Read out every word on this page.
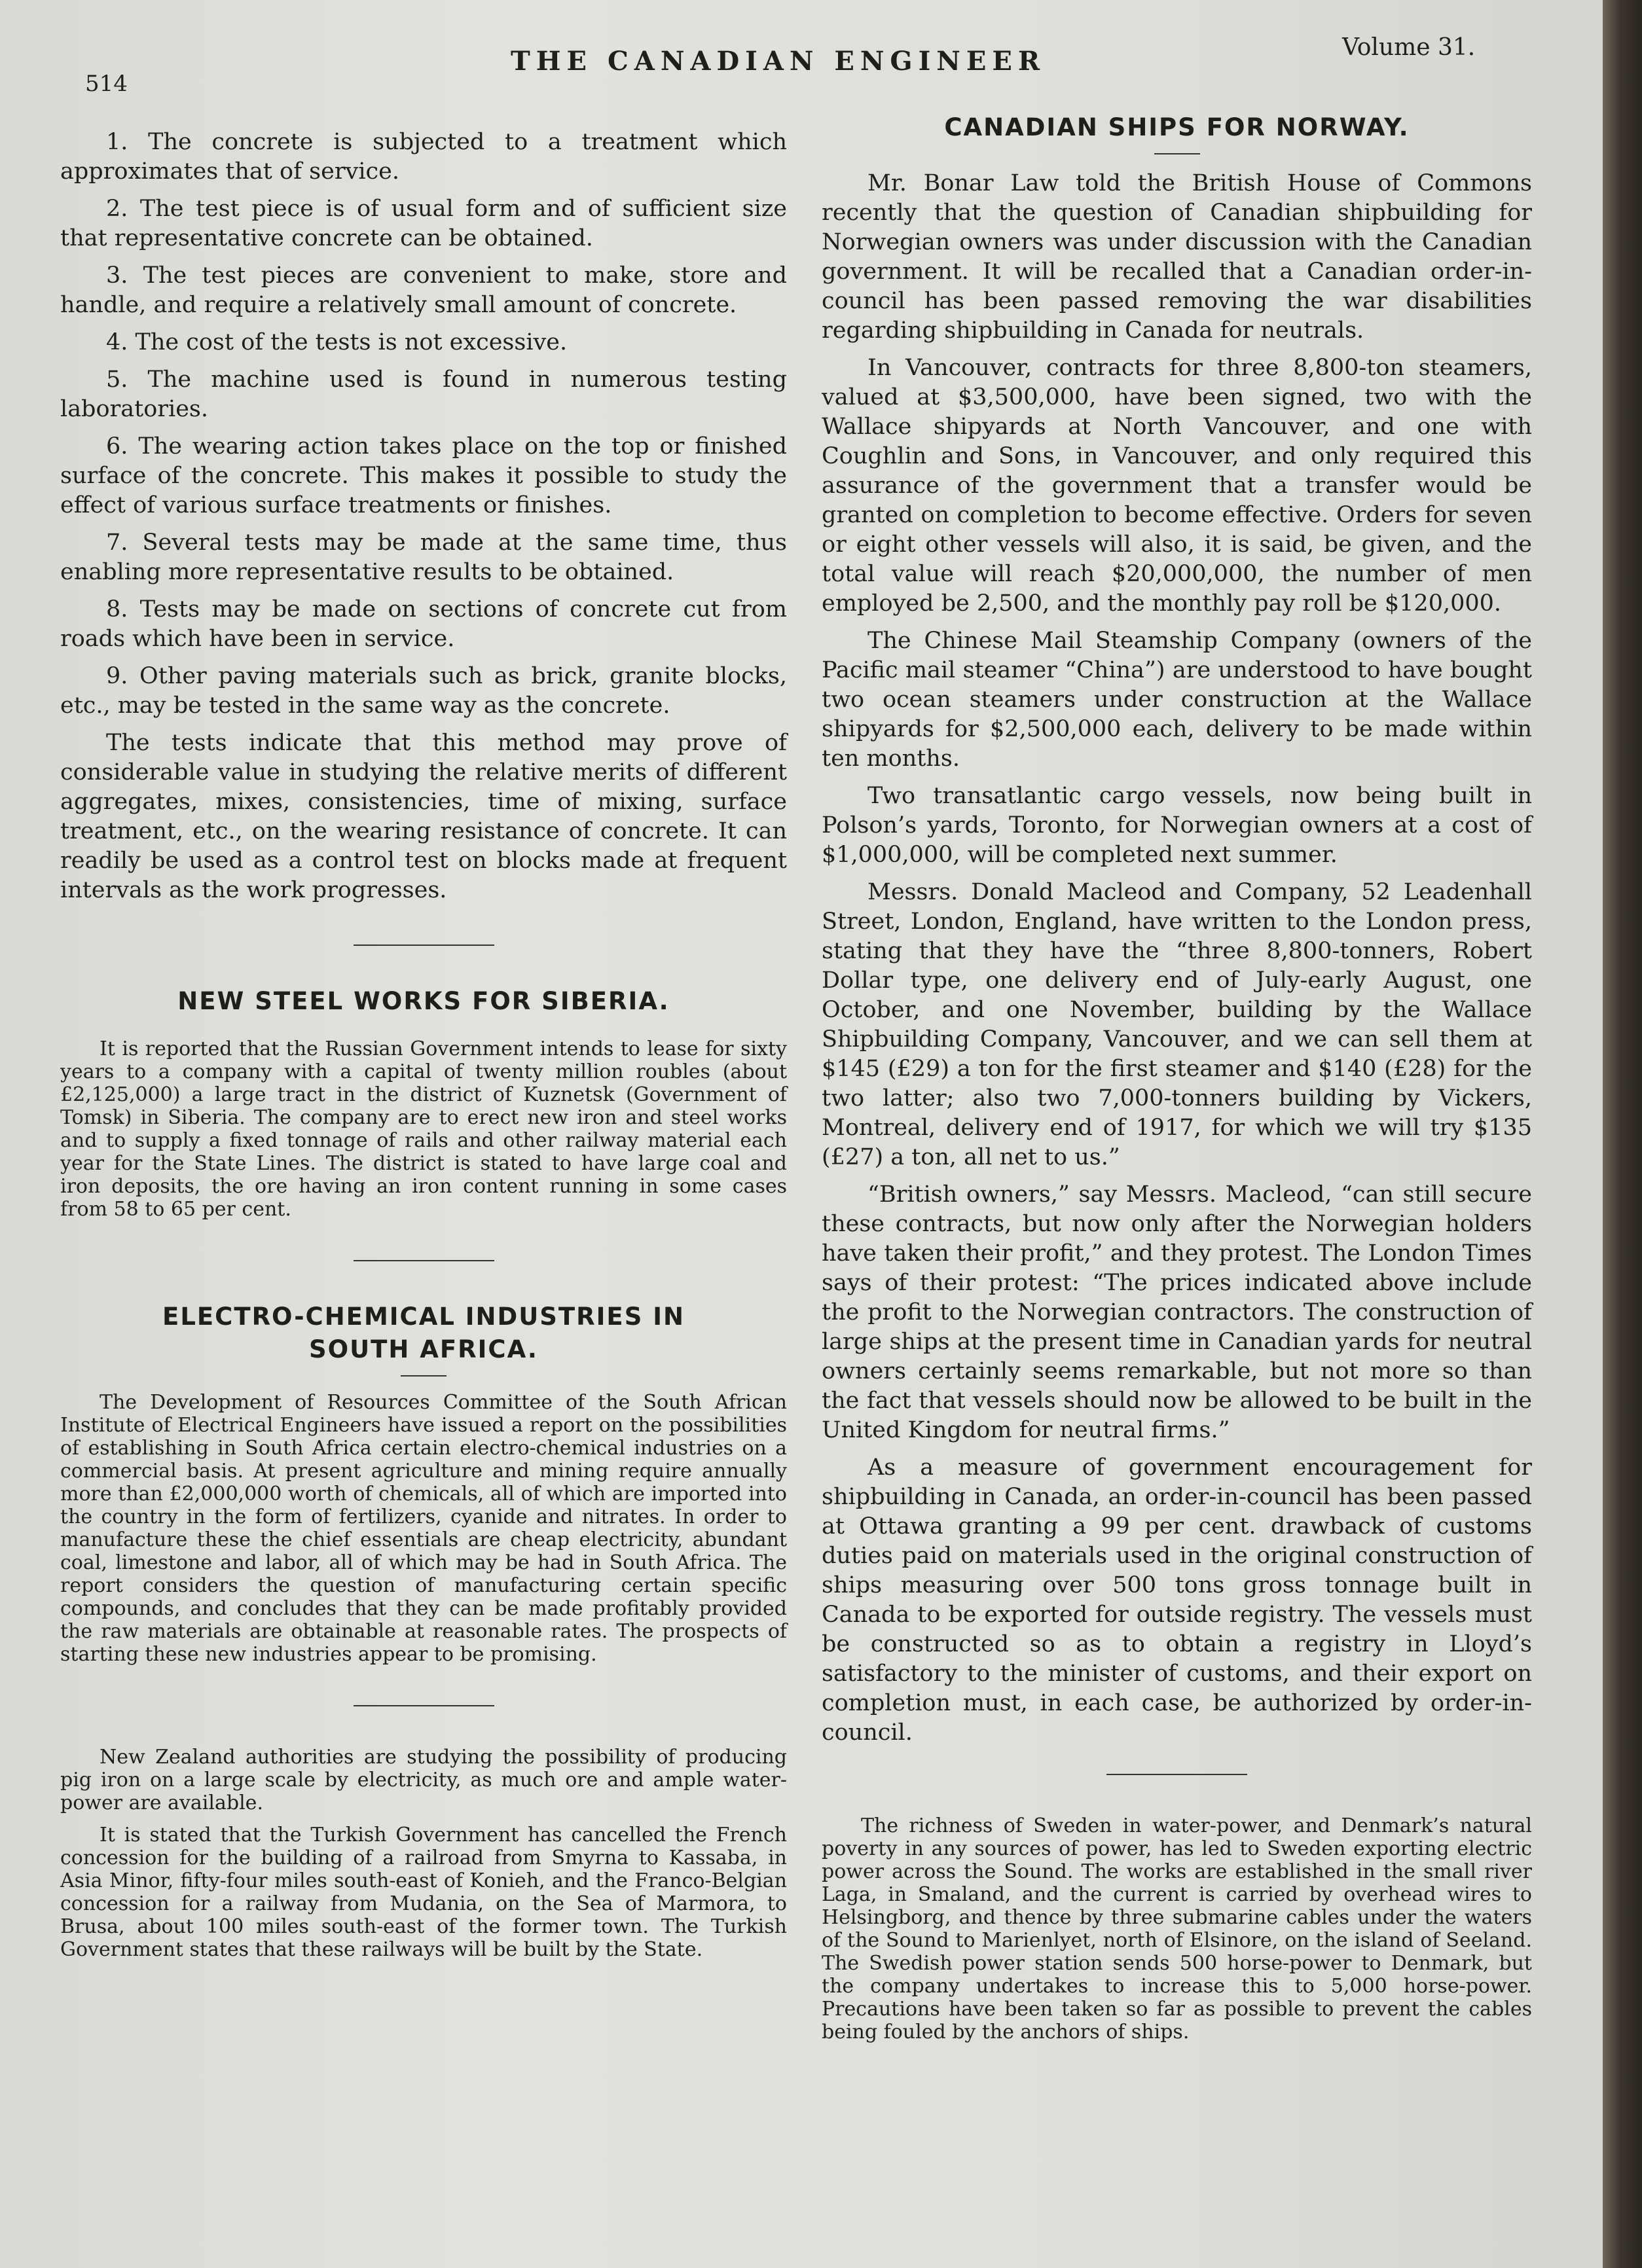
514
THE CANADIAN ENGINEER	Volume 31.

1. The concrete is subjected to a treatment which approximates that of service.

2. The test piece is of usual form and of sufficient size that representative concrete can be obtained.

3. The test pieces are convenient to make, store and handle, and require a relatively small amount of concrete.

4. The cost of the tests is not excessive.

5. The machine used is found in numerous testing laboratories.

6. The wearing action takes place on the top or finished surface of the concrete. This makes it possible to study the effect of various surface treatments or finishes.

7. Several tests may be made at the same time, thus enabling more representative results to be obtained.

8. Tests may be made on sections of concrete cut from roads which have been in service.

9. Other paving materials such as brick, granite blocks, etc., may be tested in the same way as the concrete.

The tests indicate that this method may prove of considerable value in studying the relative merits of different aggregates, mixes, consistencies, time of mixing, surface treatment, etc., on the wearing resistance of concrete. It can readily be used as a control test on blocks made at frequent intervals as the work progresses.

NEW STEEL WORKS FOR SIBERIA.

It is reported that the Russian Government intends to lease for sixty years to a company with a capital of twenty million roubles (about £2,125,000) a large tract in the district of Kuznetsk (Government of Tomsk) in Siberia. The company are to erect new iron and steel works and to supply a fixed tonnage of rails and other railway material each year for the State Lines. The district is stated to have large coal and iron deposits, the ore having an iron content running in some cases from 58 to 65 per cent.

ELECTRO-CHEMICAL INDUSTRIES IN
SOUTH AFRICA.

The Development of Resources Committee of the South African Institute of Electrical Engineers have issued a report on the possibilities of establishing in South Africa certain electro-chemical industries on a commercial basis. At present agriculture and mining require annually more than £2,000,000 worth of chemicals, all of which are imported into the country in the form of fertilizers, cyanide and nitrates. In order to manufacture these the chief essentials are cheap electricity, abundant coal, limestone and labor, all of which may be had in South Africa. The report considers the question of manufacturing certain specific compounds, and concludes that they can be made profitably provided the raw materials are obtainable at reasonable rates. The prospects of starting these new industries appear to be promising.

New Zealand authorities are studying the possibility of producing pig iron on a large scale by electricity, as much ore and ample water-power are available.

It is stated that the Turkish Government has cancelled the French concession for the building of a railroad from Smyrna to Kassaba, in Asia Minor, fifty-four miles south-east of Konieh, and the Franco-Belgian concession for a railway from Mudania, on the Sea of Marmora, to Brusa, about 100 miles south-east of the former town. The Turkish Government states that these railways will be built by the State.

CANADIAN SHIPS FOR NORWAY.

Mr. Bonar Law told the British House of Commons recently that the question of Canadian shipbuilding for Norwegian owners was under discussion with the Canadian government. It will be recalled that a Canadian order-in-council has been passed removing the war disabilities regarding shipbuilding in Canada for neutrals.

In Vancouver, contracts for three 8,800-ton steamers, valued at $3,500,000, have been signed, two with the Wallace shipyards at North Vancouver, and one with Coughlin and Sons, in Vancouver, and only required this assurance of the government that a transfer would be granted on completion to become effective. Orders for seven or eight other vessels will also, it is said, be given, and the total value will reach $20,000,000, the number of men employed be 2,500, and the monthly pay roll be $120,000.

The Chinese Mail Steamship Company (owners of the Pacific mail steamer “China”) are understood to have bought two ocean steamers under construction at the Wallace shipyards for $2,500,000 each, delivery to be made within ten months.

Two transatlantic cargo vessels, now being built in Polson’s yards, Toronto, for Norwegian owners at a cost of $1,000,000, will be completed next summer.

Messrs. Donald Macleod and Company, 52 Leadenhall Street, London, England, have written to the London press, stating that they have the “three 8,800-tonners, Robert Dollar type, one delivery end of July-early August, one October, and one November, building by the Wallace Shipbuilding Company, Vancouver, and we can sell them at $145 (£29) a ton for the first steamer and $140 (£28) for the two latter; also two 7,000-tonners building by Vickers, Montreal, delivery end of 1917, for which we will try $135 (£27) a ton, all net to us.”

“British owners,” say Messrs. Macleod, “can still secure these contracts, but now only after the Norwegian holders have taken their profit,” and they protest. The London Times says of their protest: “The prices indicated above include the profit to the Norwegian contractors. The construction of large ships at the present time in Canadian yards for neutral owners certainly seems remarkable, but not more so than the fact that vessels should now be allowed to be built in the United Kingdom for neutral firms.”

As a measure of government encouragement for shipbuilding in Canada, an order-in-council has been passed at Ottawa granting a 99 per cent. drawback of customs duties paid on materials used in the original construction of ships measuring over 500 tons gross tonnage built in Canada to be exported for outside registry. The vessels must be constructed so as to obtain a registry in Lloyd’s satisfactory to the minister of customs, and their export on completion must, in each case, be authorized by order-in-council.

The richness of Sweden in water-power, and Denmark’s natural poverty in any sources of power, has led to Sweden exporting electric power across the Sound. The works are established in the small river Laga, in Smaland, and the current is carried by overhead wires to Helsingborg, and thence by three submarine cables under the waters of the Sound to Marienlyet, north of Elsinore, on the island of Seeland. The Swedish power station sends 500 horse-power to Denmark, but the company undertakes to increase this to 5,000 horse-power. Precautions have been taken so far as possible to prevent the cables being fouled by the anchors of ships.
